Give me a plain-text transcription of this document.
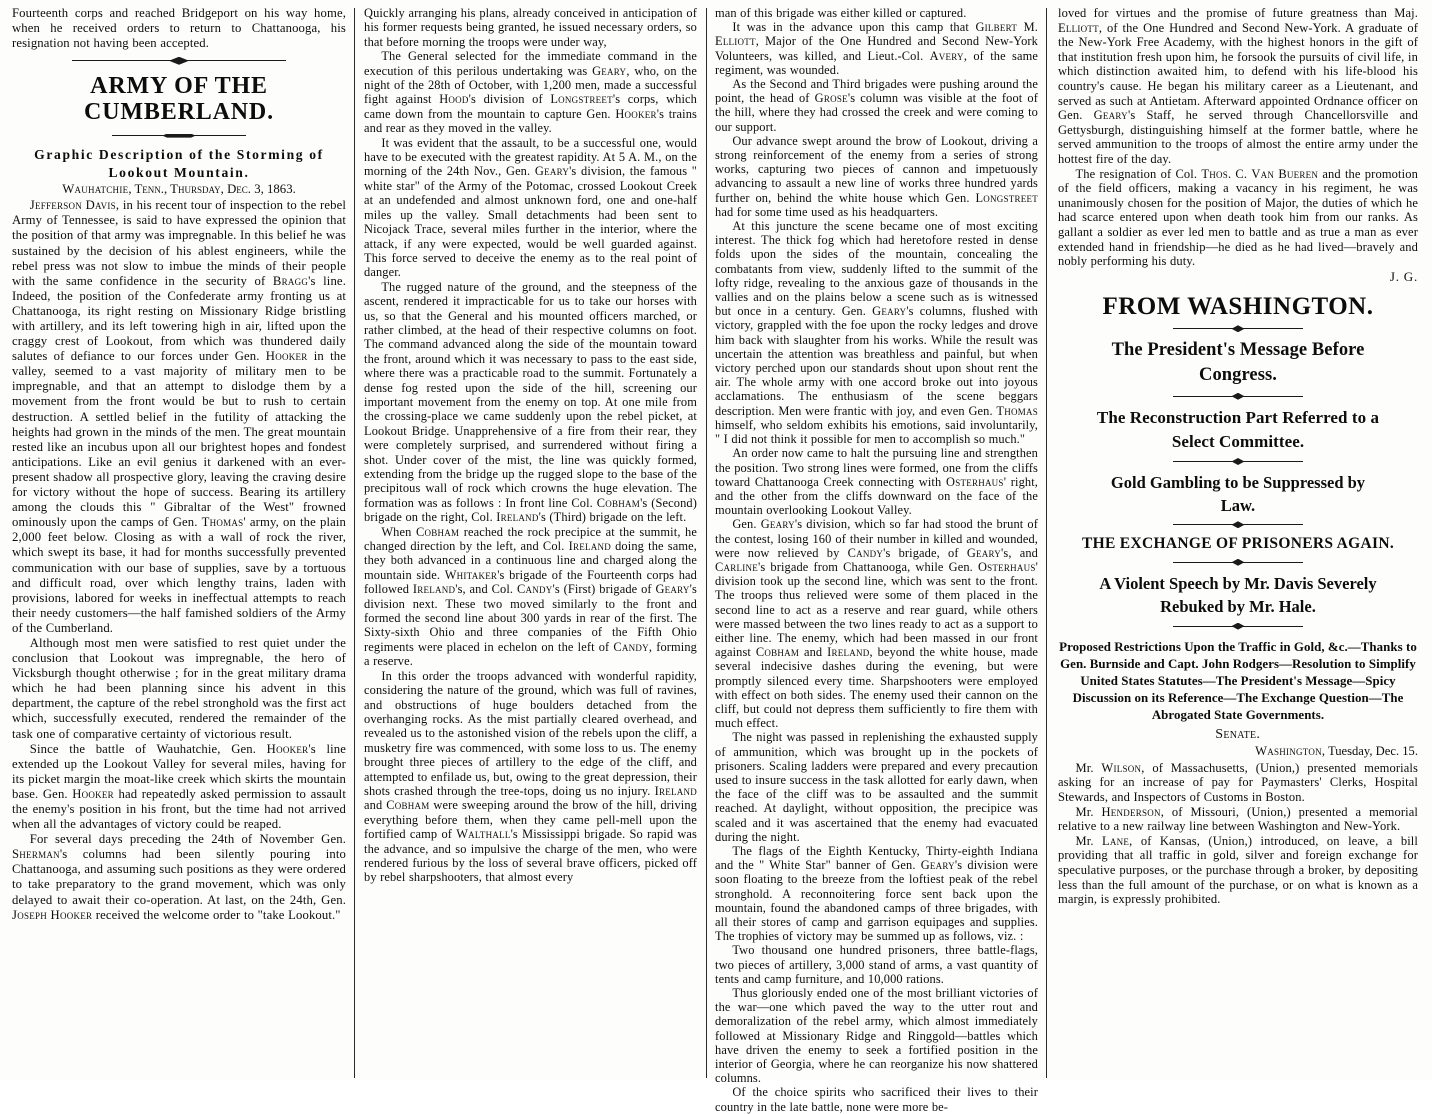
Fourteenth corps and reached Bridgeport on his way home, when he received orders to return to Chattanooga, his resignation not having been accepted.

ARMY OF THE CUMBERLAND.
Graphic Description of the Storming of
Lookout Mountain.
Wauhatchie, Tenn., Thursday, Dec. 3, 1863.

Jefferson Davis, in his recent tour of inspection to the rebel Army of Tennessee, is said to have expressed the opinion that the position of that army was impregnable. In this belief he was sustained by the decision of his ablest engineers, while the rebel press was not slow to imbue the minds of their people with the same confidence in the security of Bragg's line. Indeed, the position of the Confederate army fronting us at Chattanooga, its right resting on Missionary Ridge bristling with artillery, and its left towering high in air, lifted upon the craggy crest of Lookout, from which was thundered daily salutes of defiance to our forces under Gen. Hooker in the valley, seemed to a vast majority of military men to be impregnable, and that an attempt to dislodge them by a movement from the front would be but to rush to certain destruction. A settled belief in the futility of attacking the heights had grown in the minds of the men. The great mountain rested like an incubus upon all our brightest hopes and fondest anticipations. Like an evil genius it darkened with an ever-present shadow all prospective glory, leaving the craving desire for victory without the hope of success. Bearing its artillery among the clouds this " Gibraltar of the West" frowned ominously upon the camps of Gen. Thomas' army, on the plain 2,000 feet below. Closing as with a wall of rock the river, which swept its base, it had for months successfully prevented communication with our base of supplies, save by a tortuous and difficult road, over which lengthy trains, laden with provisions, labored for weeks in ineffectual attempts to reach their needy customers—the half famished soldiers of the Army of the Cumberland.

Although most men were satisfied to rest quiet under the conclusion that Lookout was impregnable, the hero of Vicksburgh thought otherwise ; for in the great military drama which he had been planning since his advent in this department, the capture of the rebel stronghold was the first act which, successfully executed, rendered the remainder of the task one of comparative certainty of victorious result.

Since the battle of Wauhatchie, Gen. Hooker's line extended up the Lookout Valley for several miles, having for its picket margin the moat-like creek which skirts the mountain base. Gen. Hooker had repeatedly asked permission to assault the enemy's position in his front, but the time had not arrived when all the advantages of victory could be reaped.

For several days preceding the 24th of November Gen. Sherman's columns had been silently pouring into Chattanooga, and assuming such positions as they were ordered to take preparatory to the grand movement, which was only delayed to await their co-operation. At last, on the 24th, Gen. Joseph Hooker received the welcome order to "take Lookout."

Quickly arranging his plans, already conceived in anticipation of his former requests being granted, he issued necessary orders, so that before morning the troops were under way,

The General selected for the immediate command in the execution of this perilous undertaking was Geary, who, on the night of the 28th of October, with 1,200 men, made a successful fight against Hood's division of Longstreet's corps, which came down from the mountain to capture Gen. Hooker's trains and rear as they moved in the valley.

It was evident that the assault, to be a successful one, would have to be executed with the greatest rapidity. At 5 A. M., on the morning of the 24th Nov., Gen. Geary's division, the famous " white star" of the Army of the Potomac, crossed Lookout Creek at an undefended and almost unknown ford, one and one-half miles up the valley. Small detachments had been sent to Nicojack Trace, several miles further in the interior, where the attack, if any were expected, would be well guarded against. This force served to deceive the enemy as to the real point of danger.

The rugged nature of the ground, and the steepness of the ascent, rendered it impracticable for us to take our horses with us, so that the General and his mounted officers marched, or rather climbed, at the head of their respective columns on foot. The command advanced along the side of the mountain toward the front, around which it was necessary to pass to the east side, where there was a practicable road to the summit. Fortunately a dense fog rested upon the side of the hill, screening our important movement from the enemy on top. At one mile from the crossing-place we came suddenly upon the rebel picket, at Lookout Bridge. Unapprehensive of a fire from their rear, they were completely surprised, and surrendered without firing a shot. Under cover of the mist, the line was quickly formed, extending from the bridge up the rugged slope to the base of the precipitous wall of rock which crowns the huge elevation. The formation was as follows : In front line Col. Cobham's (Second) brigade on the right, Col. Ireland's (Third) brigade on the left.

When Cobham reached the rock precipice at the summit, he changed direction by the left, and Col. Ireland doing the same, they both advanced in a continuous line and charged along the mountain side. Whitaker's brigade of the Fourteenth corps had followed Ireland's, and Col. Candy's (First) brigade of Geary's division next. These two moved similarly to the front and formed the second line about 300 yards in rear of the first. The Sixty-sixth Ohio and three companies of the Fifth Ohio regiments were placed in echelon on the left of Candy, forming a reserve.

In this order the troops advanced with wonderful rapidity, considering the nature of the ground, which was full of ravines, and obstructions of huge boulders detached from the overhanging rocks. As the mist partially cleared overhead, and revealed us to the astonished vision of the rebels upon the cliff, a musketry fire was commenced, with some loss to us. The enemy brought three pieces of artillery to the edge of the cliff, and attempted to enfilade us, but, owing to the great depression, their shots crashed through the tree-tops, doing us no injury. Ireland and Cobham were sweeping around the brow of the hill, driving everything before them, when they came pell-mell upon the fortified camp of Walthall's Mississippi brigade. So rapid was the advance, and so impulsive the charge of the men, who were rendered furious by the loss of several brave officers, picked off by rebel sharpshooters, that almost every

man of this brigade was either killed or captured.

It was in the advance upon this camp that Gilbert M. Elliott, Major of the One Hundred and Second New-York Volunteers, was killed, and Lieut.-Col. Avery, of the same regiment, was wounded.

As the Second and Third brigades were pushing around the point, the head of Grose's column was visible at the foot of the hill, where they had crossed the creek and were coming to our support.

Our advance swept around the brow of Lookout, driving a strong reinforcement of the enemy from a series of strong works, capturing two pieces of cannon and impetuously advancing to assault a new line of works three hundred yards further on, behind the white house which Gen. Longstreet had for some time used as his headquarters.

At this juncture the scene became one of most exciting interest. The thick fog which had heretofore rested in dense folds upon the sides of the mountain, concealing the combatants from view, suddenly lifted to the summit of the lofty ridge, revealing to the anxious gaze of thousands in the vallies and on the plains below a scene such as is witnessed but once in a century. Gen. Geary's columns, flushed with victory, grappled with the foe upon the rocky ledges and drove him back with slaughter from his works. While the result was uncertain the attention was breathless and painful, but when victory perched upon our standards shout upon shout rent the air. The whole army with one accord broke out into joyous acclamations. The enthusiasm of the scene beggars description. Men were frantic with joy, and even Gen. Thomas himself, who seldom exhibits his emotions, said involuntarily, " I did not think it possible for men to accomplish so much."

An order now came to halt the pursuing line and strengthen the position. Two strong lines were formed, one from the cliffs toward Chattanooga Creek connecting with Osterhaus' right, and the other from the cliffs downward on the face of the mountain overlooking Lookout Valley.

Gen. Geary's division, which so far had stood the brunt of the contest, losing 160 of their number in killed and wounded, were now relieved by Candy's brigade, of Geary's, and Carline's brigade from Chattanooga, while Gen. Osterhaus' division took up the second line, which was sent to the front. The troops thus relieved were some of them placed in the second line to act as a reserve and rear guard, while others were massed between the two lines ready to act as a support to either line. The enemy, which had been massed in our front against Cobham and Ireland, beyond the white house, made several indecisive dashes during the evening, but were promptly silenced every time. Sharpshooters were employed with effect on both sides. The enemy used their cannon on the cliff, but could not depress them sufficiently to fire them with much effect.

The night was passed in replenishing the exhausted supply of ammunition, which was brought up in the pockets of prisoners. Scaling ladders were prepared and every precaution used to insure success in the task allotted for early dawn, when the face of the cliff was to be assaulted and the summit reached. At daylight, without opposition, the precipice was scaled and it was ascertained that the enemy had evacuated during the night.

The flags of the Eighth Kentucky, Thirty-eighth Indiana and the " White Star" banner of Gen. Geary's division were soon floating to the breeze from the loftiest peak of the rebel stronghold. A reconnoitering force sent back upon the mountain, found the abandoned camps of three brigades, with all their stores of camp and garrison equipages and supplies. The trophies of victory may be summed up as follows, viz. :

Two thousand one hundred prisoners, three battle-flags, two pieces of artillery, 3,000 stand of arms, a vast quantity of tents and camp furniture, and 10,000 rations.

Thus gloriously ended one of the most brilliant victories of the war—one which paved the way to the utter rout and demoralization of the rebel army, which almost immediately followed at Missionary Ridge and Ringgold—battles which have driven the enemy to seek a fortified position in the interior of Georgia, where he can reorganize his now shattered columns.

Of the choice spirits who sacrificed their lives to their country in the late battle, none were more be-

loved for virtues and the promise of future greatness than Maj. Elliott, of the One Hundred and Second New-York. A graduate of the New-York Free Academy, with the highest honors in the gift of that institution fresh upon him, he forsook the pursuits of civil life, in which distinction awaited him, to defend with his life-blood his country's cause. He began his military career as a Lieutenant, and served as such at Antietam. Afterward appointed Ordnance officer on Gen. Geary's Staff, he served through Chancellorsville and Gettysburgh, distinguishing himself at the former battle, where he served ammunition to the troops of almost the entire army under the hottest fire of the day.

The resignation of Col. Thos. C. Van Bueren and the promotion of the field officers, making a vacancy in his regiment, he was unanimously chosen for the position of Major, the duties of which he had scarce entered upon when death took him from our ranks. As gallant a soldier as ever led men to battle and as true a man as ever extended hand in friendship—he died as he had lived—bravely and nobly performing his duty.

J. G.
FROM WASHINGTON.
The President's Message Before
Congress.
The Reconstruction Part Referred to a
Select Committee.
Gold Gambling to be Suppressed by
Law.
THE EXCHANGE OF PRISONERS AGAIN.
A Violent Speech by Mr. Davis Severely
Rebuked by Mr. Hale.
Proposed Restrictions Upon the Traffic in Gold, &c.—Thanks to Gen. Burnside and Capt. John Rodgers—Resolution to Simplify United States Statutes—The President's Message—Spicy Discussion on its Reference—The Exchange Question—The Abrogated State Governments.
Senate.
Washington, Tuesday, Dec. 15.

Mr. Wilson, of Massachusetts, (Union,) presented memorials asking for an increase of pay for Paymasters' Clerks, Hospital Stewards, and Inspectors of Customs in Boston.

Mr. Henderson, of Missouri, (Union,) presented a memorial relative to a new railway line between Washington and New-York.

Mr. Lane, of Kansas, (Union,) introduced, on leave, a bill providing that all traffic in gold, silver and foreign exchange for speculative purposes, or the purchase through a broker, by depositing less than the full amount of the purchase, or on what is known as a margin, is expressly prohibited.
